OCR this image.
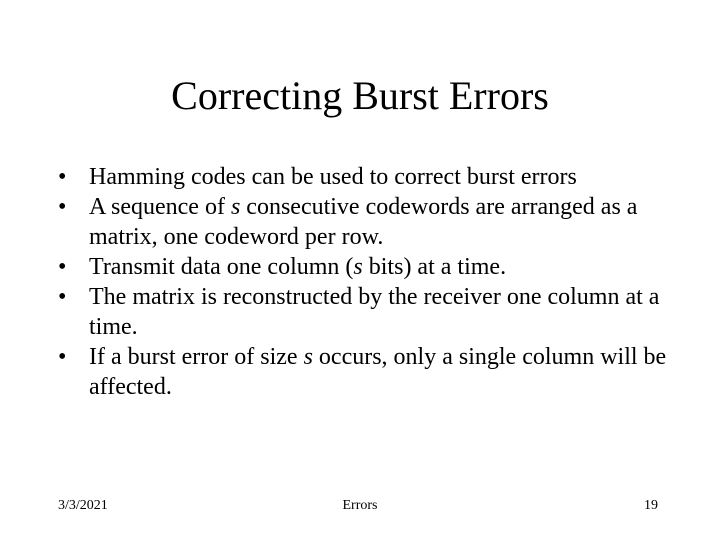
Correcting Burst Errors
• Hamming codes can be used to correct burst errors
• A sequence of s consecutive codewords are arranged as a matrix, one codeword per row.
• Transmit data one column (s bits) at a time.
• The matrix is reconstructed by the receiver one column at a time.
• If a burst error of size s occurs, only a single column will be affected.
3/3/2021	Errors	19
